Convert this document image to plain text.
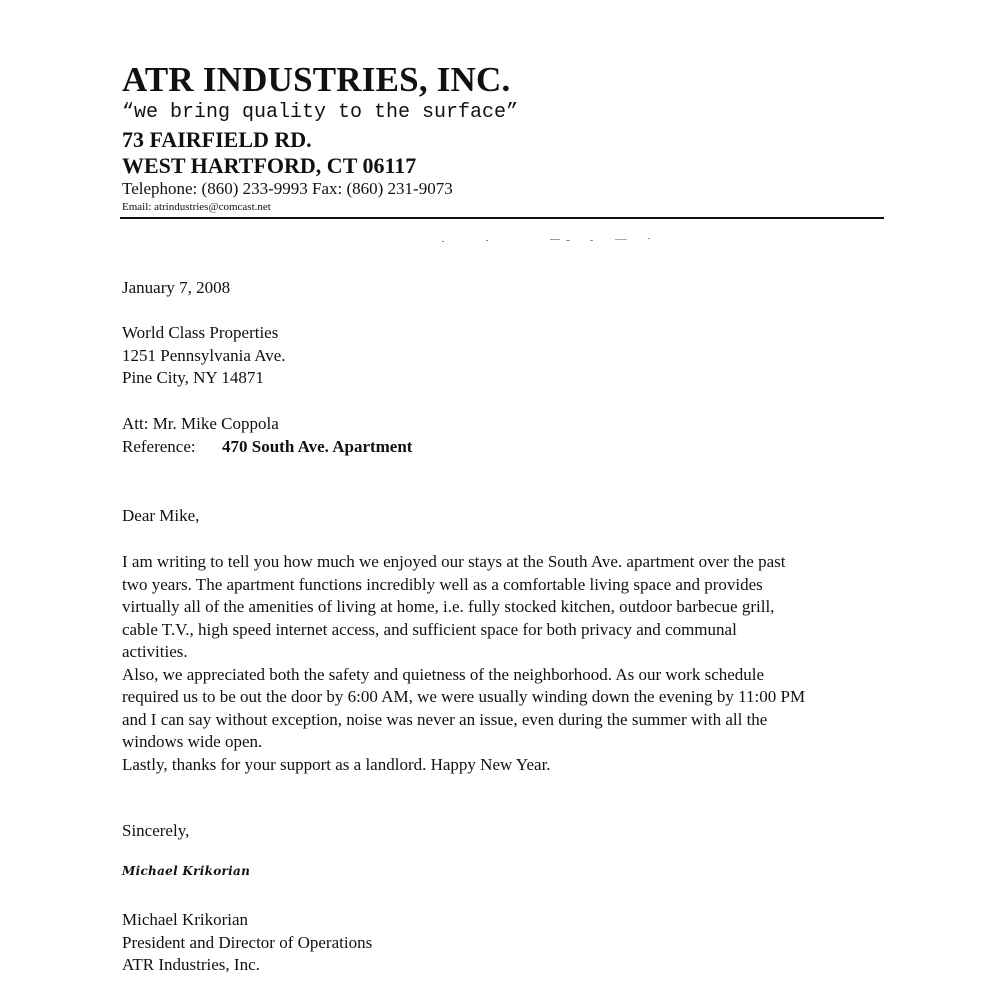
ATR INDUSTRIES, INC.
“we bring quality to the surface”
73 FAIRFIELD RD.
WEST HARTFORD, CT 06117
Telephone: (860) 233-9993 Fax: (860) 231-9073
Email: atrindustries@comcast.net
January 7, 2008
World Class Properties
1251 Pennsylvania Ave.
Pine City, NY 14871
Att: Mr. Mike Coppola
Reference: 470 South Ave. Apartment
Dear Mike,
I am writing to tell you how much we enjoyed our stays at the South Ave. apartment over the past
two years. The apartment functions incredibly well as a comfortable living space and provides
virtually all of the amenities of living at home, i.e. fully stocked kitchen, outdoor barbecue grill,
cable T.V., high speed internet access, and sufficient space for both privacy and communal
activities.
Also, we appreciated both the safety and quietness of the neighborhood. As our work schedule
required us to be out the door by 6:00 AM, we were usually winding down the evening by 11:00 PM
and I can say without exception, noise was never an issue, even during the summer with all the
windows wide open.
Lastly, thanks for your support as a landlord. Happy New Year.
Sincerely,
Michael Krikorian
Michael Krikorian
President and Director of Operations
ATR Industries, Inc.
